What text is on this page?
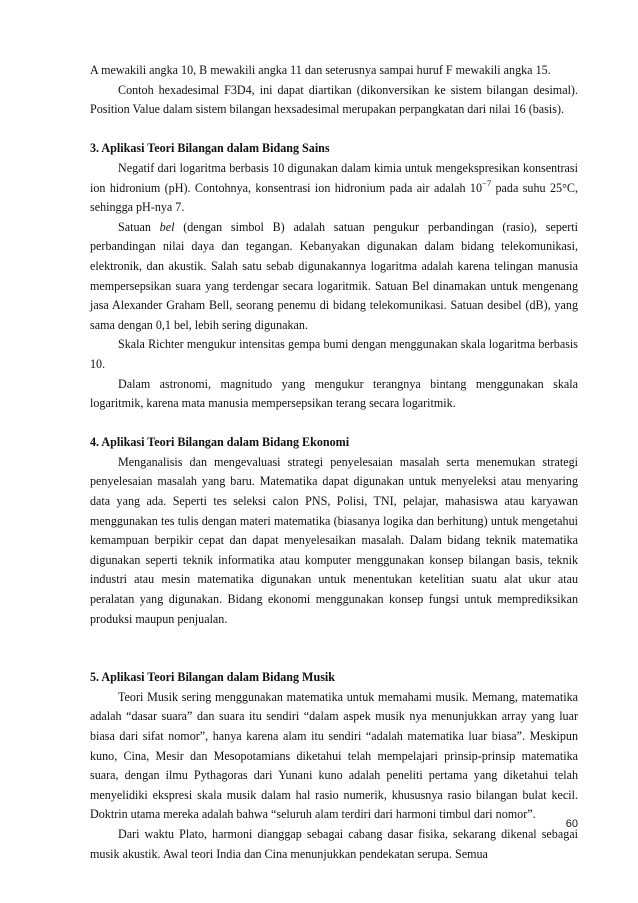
A mewakili angka 10, B mewakili angka 11 dan seterusnya sampai huruf F mewakili angka 15.

Contoh hexadesimal F3D4, ini dapat diartikan (dikonversikan ke sistem bilangan desimal). Position Value dalam sistem bilangan hexsadesimal merupakan perpangkatan dari nilai 16 (basis).

3. Aplikasi Teori Bilangan dalam Bidang Sains

Negatif dari logaritma berbasis 10 digunakan dalam kimia untuk mengekspresikan konsentrasi ion hidronium (pH). Contohnya, konsentrasi ion hidronium pada air adalah $10^{-7}$ pada suhu 25°C, sehingga pH-nya 7.

Satuan bel (dengan simbol B) adalah satuan pengukur perbandingan (rasio), seperti perbandingan nilai daya dan tegangan. Kebanyakan digunakan dalam bidang telekomunikasi, elektronik, dan akustik. Salah satu sebab digunakannya logaritma adalah karena telingan manusia mempersepsikan suara yang terdengar secara logaritmik. Satuan Bel dinamakan untuk mengenang jasa Alexander Graham Bell, seorang penemu di bidang telekomunikasi. Satuan desibel (dB), yang sama dengan 0,1 bel, lebih sering digunakan.

Skala Richter mengukur intensitas gempa bumi dengan menggunakan skala logaritma berbasis 10.

Dalam astronomi, magnitudo yang mengukur terangnya bintang menggunakan skala logaritmik, karena mata manusia mempersepsikan terang secara logaritmik.

4. Aplikasi Teori Bilangan dalam Bidang Ekonomi

Menganalisis dan mengevaluasi strategi penyelesaian masalah serta menemukan strategi penyelesaian masalah yang baru. Matematika dapat digunakan untuk menyeleksi atau menyaring data yang ada. Seperti tes seleksi calon PNS, Polisi, TNI, pelajar, mahasiswa atau karyawan menggunakan tes tulis dengan materi matematika (biasanya logika dan berhitung) untuk mengetahui kemampuan berpikir cepat dan dapat menyelesaikan masalah. Dalam bidang teknik matematika digunakan seperti teknik informatika atau komputer menggunakan konsep bilangan basis, teknik industri atau mesin matematika digunakan untuk menentukan ketelitian suatu alat ukur atau peralatan yang digunakan. Bidang ekonomi menggunakan konsep fungsi untuk memprediksikan produksi maupun penjualan.

5. Aplikasi Teori Bilangan dalam Bidang Musik

Teori Musik sering menggunakan matematika untuk memahami musik. Memang, matematika adalah “dasar suara” dan suara itu sendiri “dalam aspek musik nya menunjukkan array yang luar biasa dari sifat nomor”, hanya karena alam itu sendiri “adalah matematika luar biasa”. Meskipun kuno, Cina, Mesir dan Mesopotamians diketahui telah mempelajari prinsip-prinsip matematika suara, dengan ilmu Pythagoras dari Yunani kuno adalah peneliti pertama yang diketahui telah menyelidiki ekspresi skala musik dalam hal rasio numerik, khususnya rasio bilangan bulat kecil. Doktrin utama mereka adalah bahwa “seluruh alam terdiri dari harmoni timbul dari nomor”.

Dari waktu Plato, harmoni dianggap sebagai cabang dasar fisika, sekarang dikenal sebagai musik akustik. Awal teori India dan Cina menunjukkan pendekatan serupa. Semua

60
